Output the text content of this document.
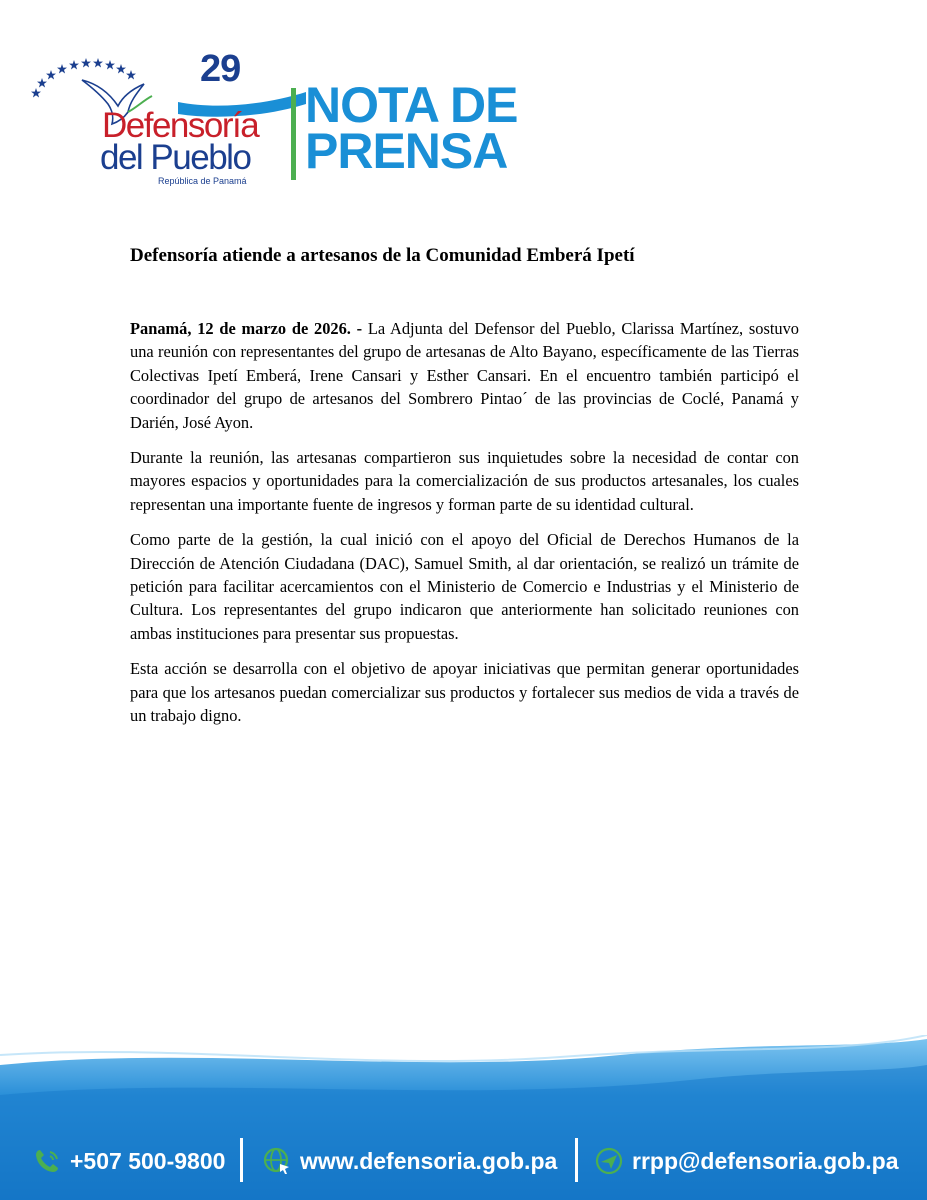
29
AÑOS
Defensoría
del Pueblo
República de Panamá
NOTA DE
PRENSA
Defensoría atiende a artesanos de la Comunidad Emberá Ipetí

Panamá, 12 de marzo de 2026. - La Adjunta del Defensor del Pueblo, Clarissa Martínez, sostuvo una reunión con representantes del grupo de artesanas de Alto Bayano, específicamente de las Tierras Colectivas Ipetí Emberá, Irene Cansari y Esther Cansari. En el encuentro también participó el coordinador del grupo de artesanos del Sombrero Pintao´ de las provincias de Coclé, Panamá y Darién, José Ayon.

Durante la reunión, las artesanas compartieron sus inquietudes sobre la necesidad de contar con mayores espacios y oportunidades para la comercialización de sus productos artesanales, los cuales representan una importante fuente de ingresos y forman parte de su identidad cultural.

Como parte de la gestión, la cual inició con el apoyo del Oficial de Derechos Humanos de la Dirección de Atención Ciudadana (DAC), Samuel Smith, al dar orientación, se realizó un trámite de petición para facilitar acercamientos con el Ministerio de Comercio e Industrias y el Ministerio de Cultura. Los representantes del grupo indicaron que anteriormente han solicitado reuniones con ambas instituciones para presentar sus propuestas.

Esta acción se desarrolla con el objetivo de apoyar iniciativas que permitan generar oportunidades para que los artesanos puedan comercializar sus productos y fortalecer sus medios de vida a través de un trabajo digno.

+507 500-9800	www.defensoria.gob.pa	rrpp@defensoria.gob.pa
